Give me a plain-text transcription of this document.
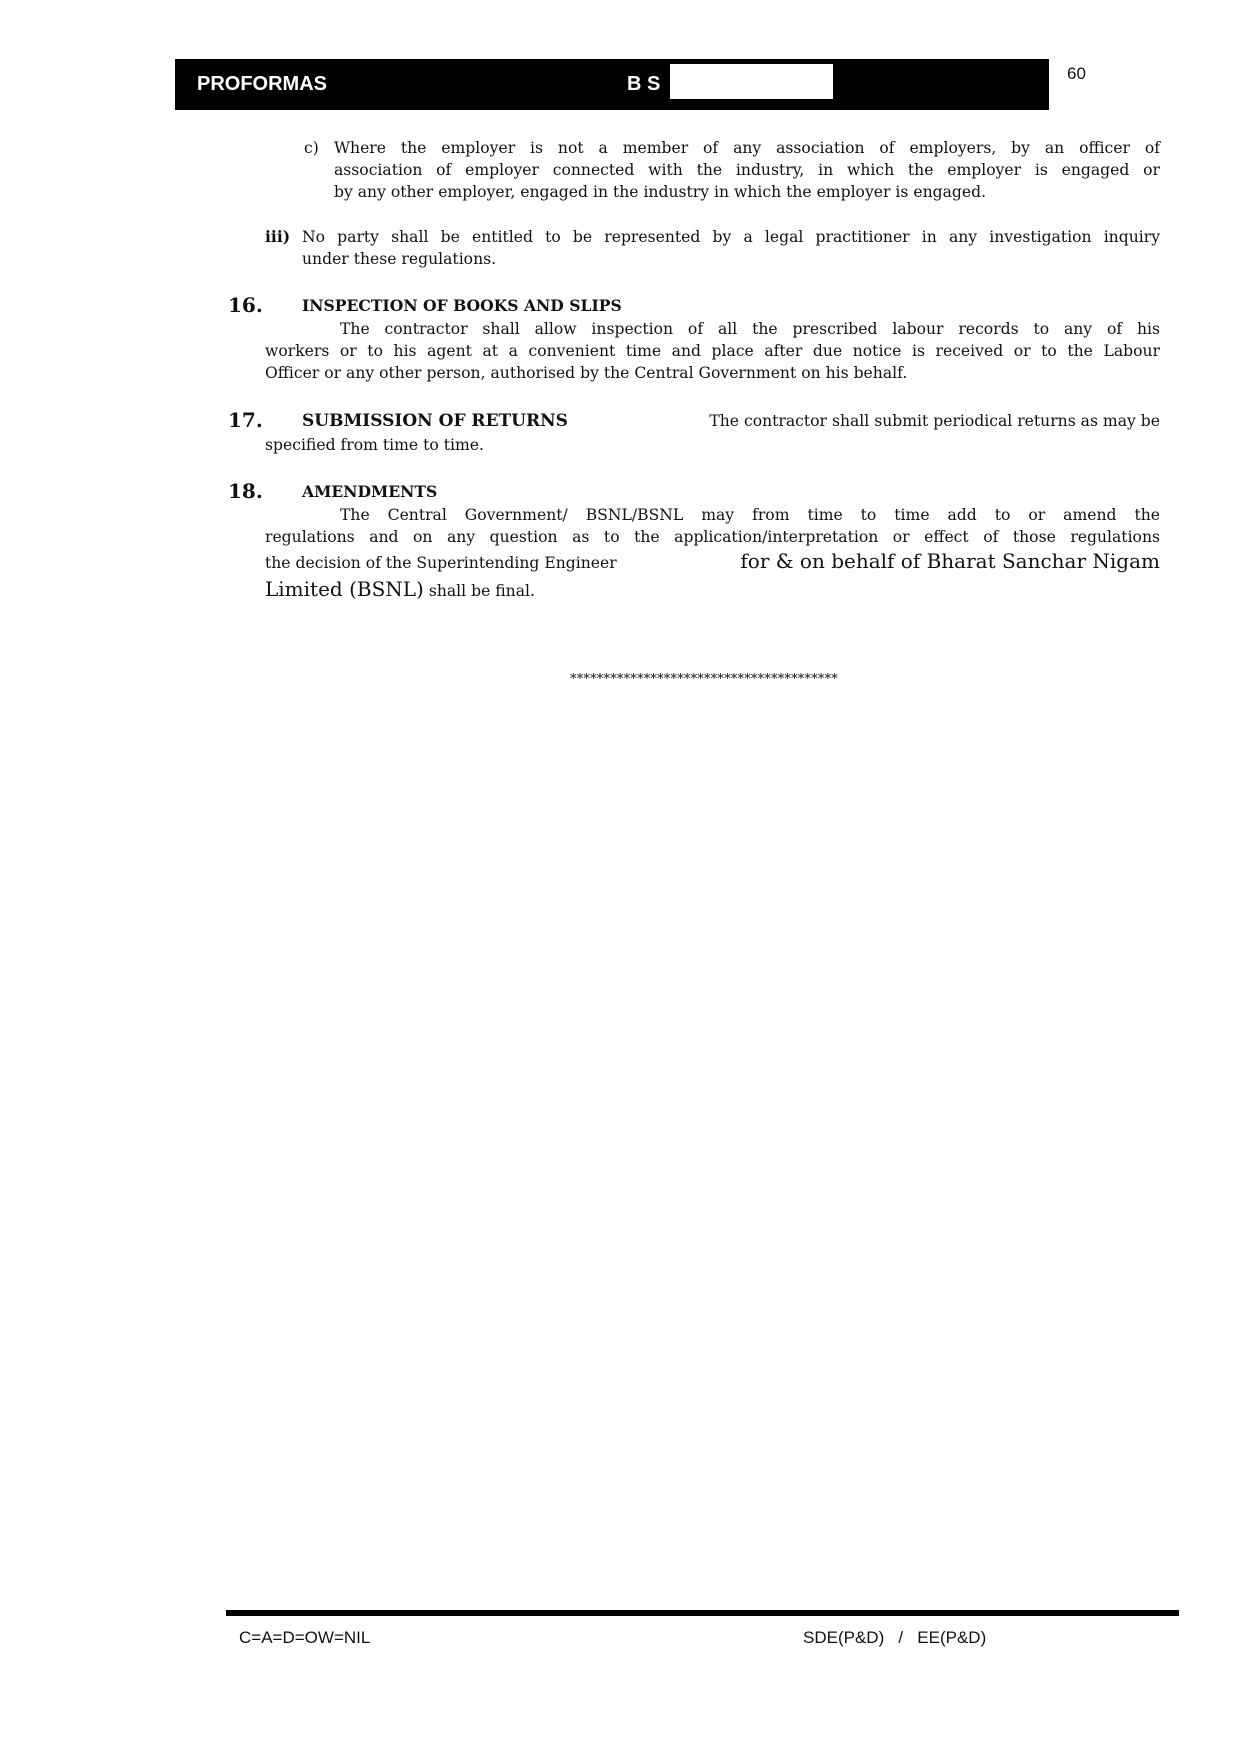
PROFORMAS	B S	60
c) Where the employer is not a member of any association of employers, by an officer of
association of employer connected with the industry, in which the employer is engaged or
by any other employer, engaged in the industry in which the employer is engaged.
iii) No party shall be entitled to be represented by a legal practitioner in any investigation inquiry
under these regulations.
16.	INSPECTION OF BOOKS AND SLIPS
The contractor shall allow inspection of all the prescribed labour records to any of his
workers or to his agent at a convenient time and place after due notice is received or to the Labour
Officer or any other person, authorised by the Central Government on his behalf.
17. SUBMISSION OF RETURNS	The contractor shall submit periodical returns as may be
specified from time to time.
18.	AMENDMENTS
The Central Government/ BSNL/BSNL may from time to time add to or amend the
regulations and on any question as to the application/interpretation or effect of those regulations
the decision of the Superintending Engineer	for & on behalf of Bharat Sanchar Nigam
Limited (BSNL) shall be final.
****************************************
C=A=D=OW=NIL	SDE(P&D)   /   EE(P&D)
